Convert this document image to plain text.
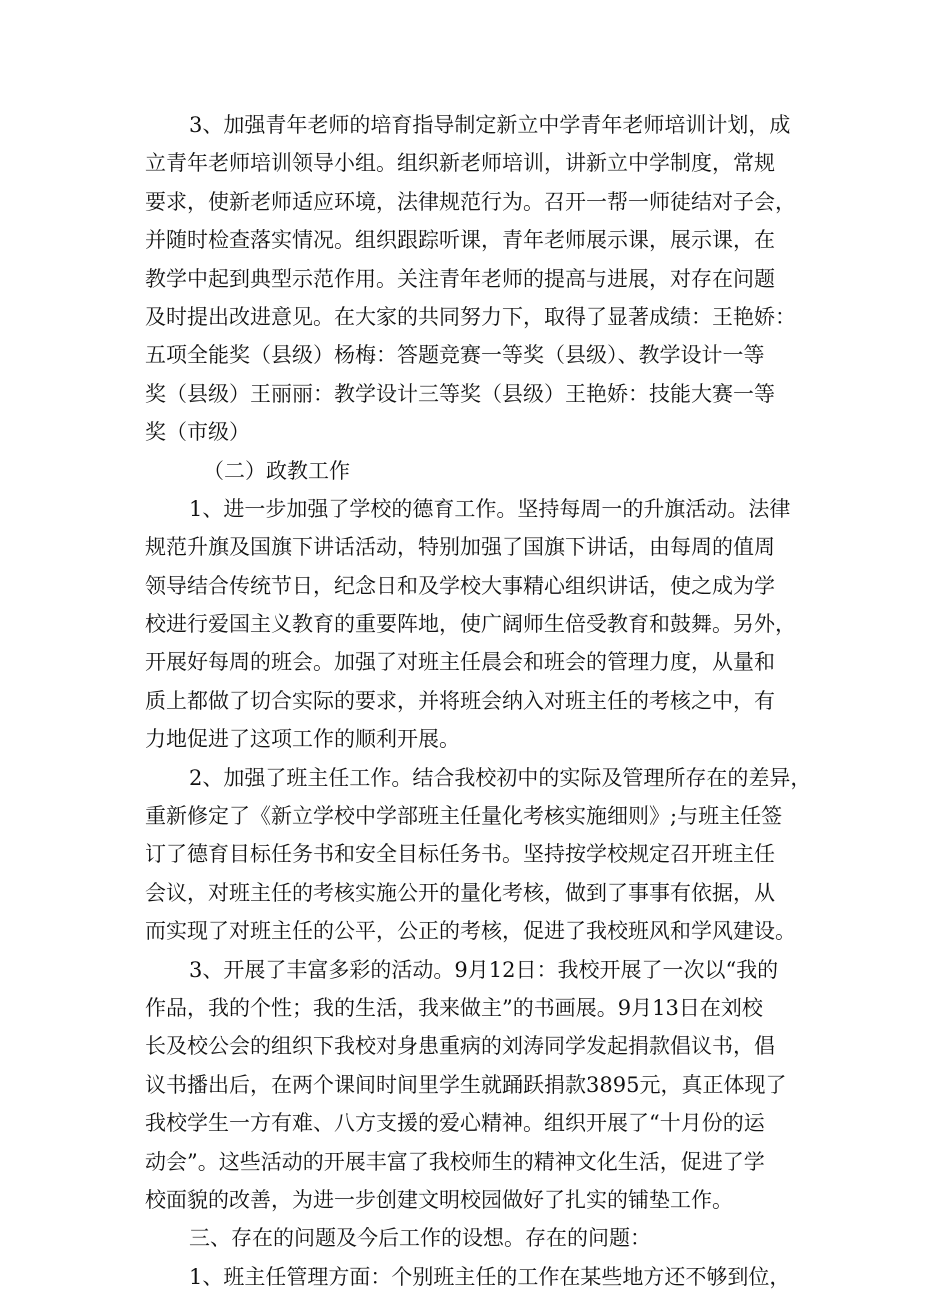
3、加强青年老师的培育指导制定新立中学青年老师培训计划，成
立青年老师培训领导小组。组织新老师培训，讲新立中学制度，常规
要求，使新老师适应环境，法律规范行为。召开一帮一师徒结对子会，
并随时检查落实情况。组织跟踪听课，青年老师展示课，展示课，在
教学中起到典型示范作用。关注青年老师的提高与进展，对存在问题
及时提出改进意见。在大家的共同努力下，取得了显著成绩：王艳娇：
五项全能奖（县级）杨梅：答题竞赛一等奖（县级）、教学设计一等
奖（县级）王丽丽：教学设计三等奖（县级）王艳娇：技能大赛一等
奖（市级）
（二）政教工作
1、进一步加强了学校的德育工作。坚持每周一的升旗活动。法律
规范升旗及国旗下讲话活动，特别加强了国旗下讲话，由每周的值周
领导结合传统节日，纪念日和及学校大事精心组织讲话，使之成为学
校进行爱国主义教育的重要阵地，使广阔师生倍受教育和鼓舞。另外，
开展好每周的班会。加强了对班主任晨会和班会的管理力度，从量和
质上都做了切合实际的要求，并将班会纳入对班主任的考核之中，有
力地促进了这项工作的顺利开展。
2、加强了班主任工作。结合我校初中的实际及管理所存在的差异，
重新修定了《新立学校中学部班主任量化考核实施细则》;与班主任签
订了德育目标任务书和安全目标任务书。坚持按学校规定召开班主任
会议，对班主任的考核实施公开的量化考核，做到了事事有依据，从
而实现了对班主任的公平，公正的考核，促进了我校班风和学风建设。
3、开展了丰富多彩的活动。9月12日：我校开展了一次以“我的
作品，我的个性；我的生活，我来做主”的书画展。9月13日在刘校
长及校公会的组织下我校对身患重病的刘涛同学发起捐款倡议书，倡
议书播出后，在两个课间时间里学生就踊跃捐款3895元，真正体现了
我校学生一方有难、八方支援的爱心精神。组织开展了“十月份的运
动会”。这些活动的开展丰富了我校师生的精神文化生活，促进了学
校面貌的改善，为进一步创建文明校园做好了扎实的铺垫工作。
三、存在的问题及今后工作的设想。存在的问题：
1、班主任管理方面：个别班主任的工作在某些地方还不够到位，
